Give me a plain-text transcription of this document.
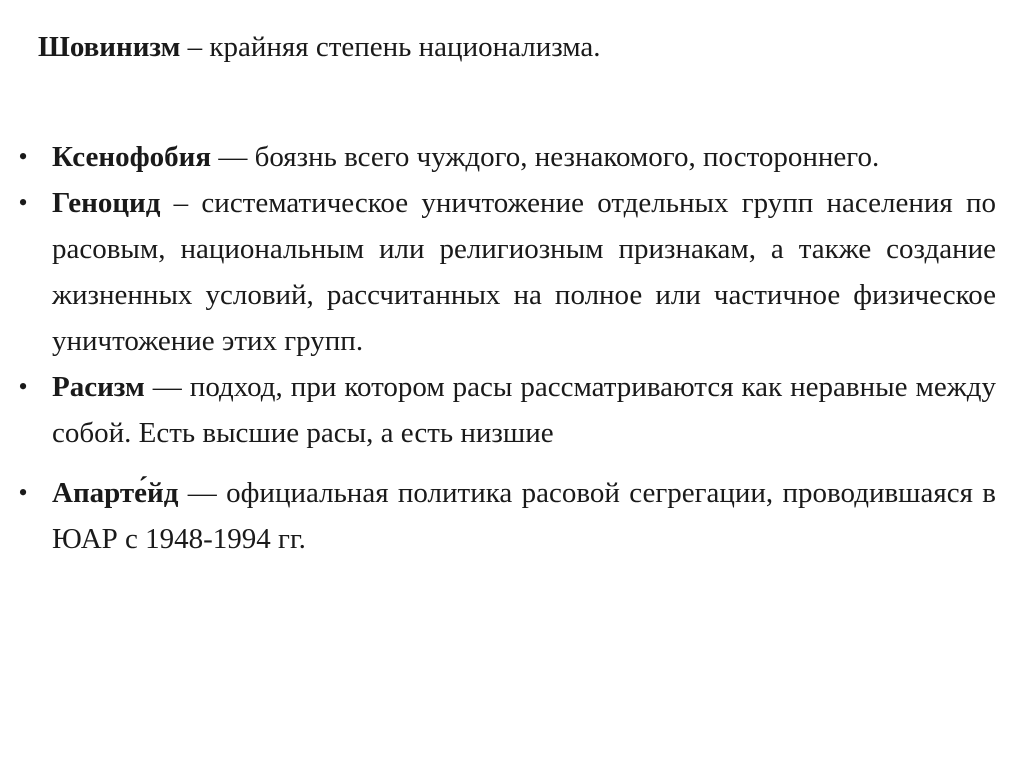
Шовинизм – крайняя степень национализма.

• Ксенофобия — боязнь всего чуждого, незнакомого, постороннего.
• Геноцид – систематическое уничтожение отдельных групп населения по расовым, национальным или религиозным признакам, а также создание жизненных условий, рассчитанных на полное или частичное физическое уничтожение этих групп.
• Расизм — подход, при котором расы рассматриваются как неравные между собой. Есть высшие расы, а есть низшие
• Апарте́йд — официальная политика расовой сегрегации, проводившаяся в ЮАР с 1948-1994 гг.
